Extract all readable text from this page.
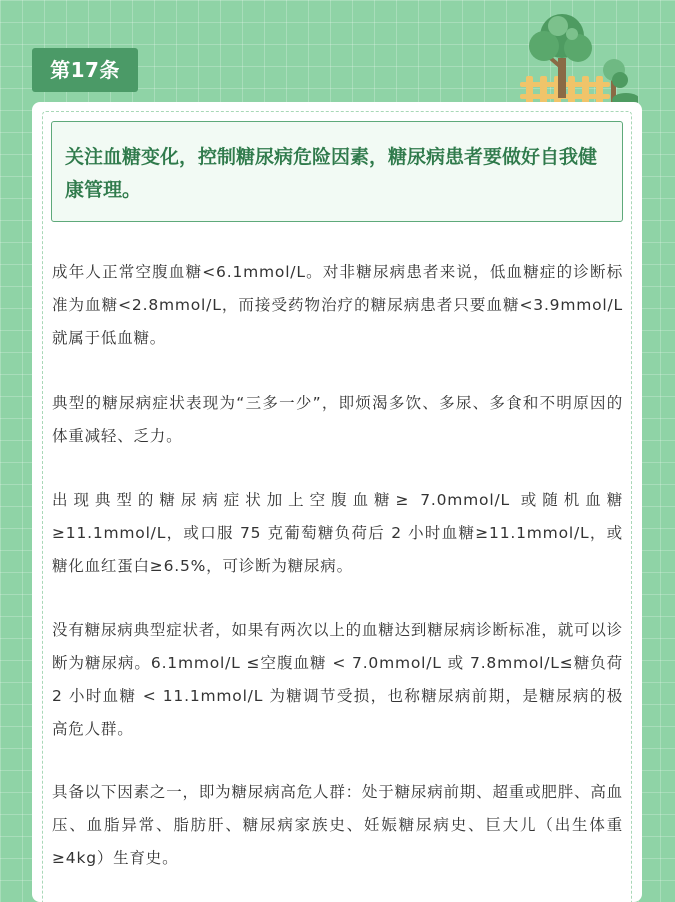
第17条
关注血糖变化，控制糖尿病危险因素，糖尿病患者要做好自我健康管理。

成年人正常空腹血糖<6.1mmol/L。对非糖尿病患者来说，低血糖症的诊断标准为血糖<2.8mmol/L，而接受药物治疗的糖尿病患者只要血糖<3.9mmol/L 就属于低血糖。

典型的糖尿病症状表现为“三多一少”，即烦渴多饮、多尿、多食和不明原因的体重减轻、乏力。

出现典型的糖尿病症状加上空腹血糖≥ 7.0mmol/L 或随机血糖≥11.1mmol/L，或口服 75 克葡萄糖负荷后 2 小时血糖≥11.1mmol/L，或糖化血红蛋白≥6.5%，可诊断为糖尿病。

没有糖尿病典型症状者，如果有两次以上的血糖达到糖尿病诊断标准，就可以诊断为糖尿病。6.1mmol/L ≤空腹血糖 < 7.0mmol/L 或 7.8mmol/L≤糖负荷 2 小时血糖 < 11.1mmol/L 为糖调节受损，也称糖尿病前期，是糖尿病的极高危人群。

具备以下因素之一，即为糖尿病高危人群：处于糖尿病前期、超重或肥胖、高血压、血脂异常、脂肪肝、糖尿病家族史、妊娠糖尿病史、巨大儿（出生体重≥4kg）生育史。
